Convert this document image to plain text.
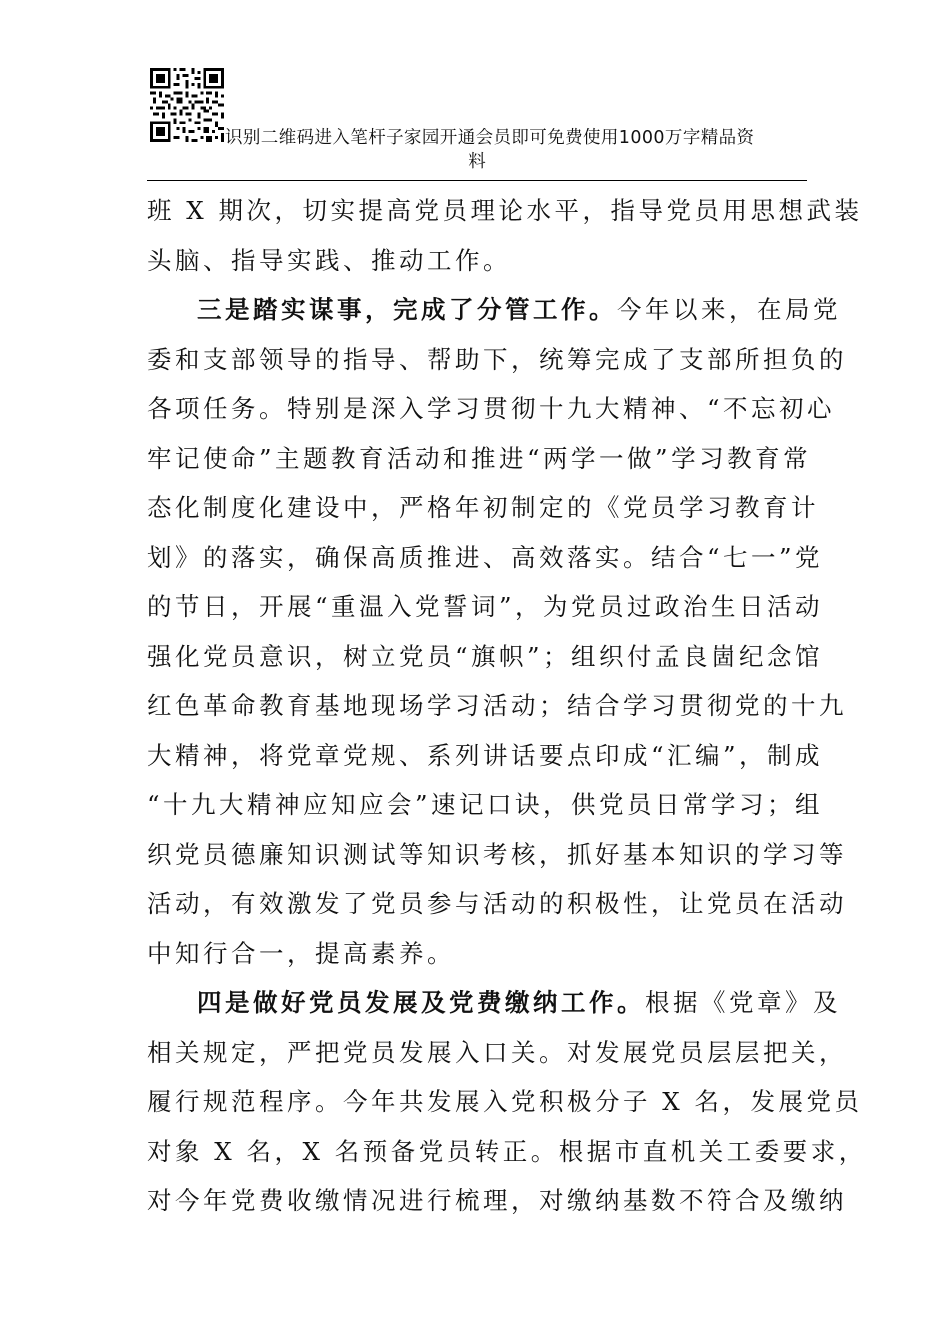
识别二维码进入笔杆子家园开通会员即可免费使用1000万字精品资
料
班 X 期次，切实提高党员理论水平，指导党员用思想武装
头脑、指导实践、推动工作。
三是踏实谋事，完成了分管工作。今年以来，在局党
委和支部领导的指导、帮助下，统筹完成了支部所担负的
各项任务。特别是深入学习贯彻十九大精神、“不忘初心
牢记使命”主题教育活动和推进“两学一做”学习教育常
态化制度化建设中，严格年初制定的《党员学习教育计
划》的落实，确保高质推进、高效落实。结合“七一”党
的节日，开展“重温入党誓词”，为党员过政治生日活动
强化党员意识，树立党员“旗帜”；组织付孟良崮纪念馆
红色革命教育基地现场学习活动；结合学习贯彻党的十九
大精神，将党章党规、系列讲话要点印成“汇编”，制成
“十九大精神应知应会”速记口诀，供党员日常学习；组
织党员德廉知识测试等知识考核，抓好基本知识的学习等
活动，有效激发了党员参与活动的积极性，让党员在活动
中知行合一，提高素养。
四是做好党员发展及党费缴纳工作。根据《党章》及
相关规定，严把党员发展入口关。对发展党员层层把关，
履行规范程序。今年共发展入党积极分子 X 名，发展党员
对象 X 名，X 名预备党员转正。根据市直机关工委要求，
对今年党费收缴情况进行梳理，对缴纳基数不符合及缴纳
